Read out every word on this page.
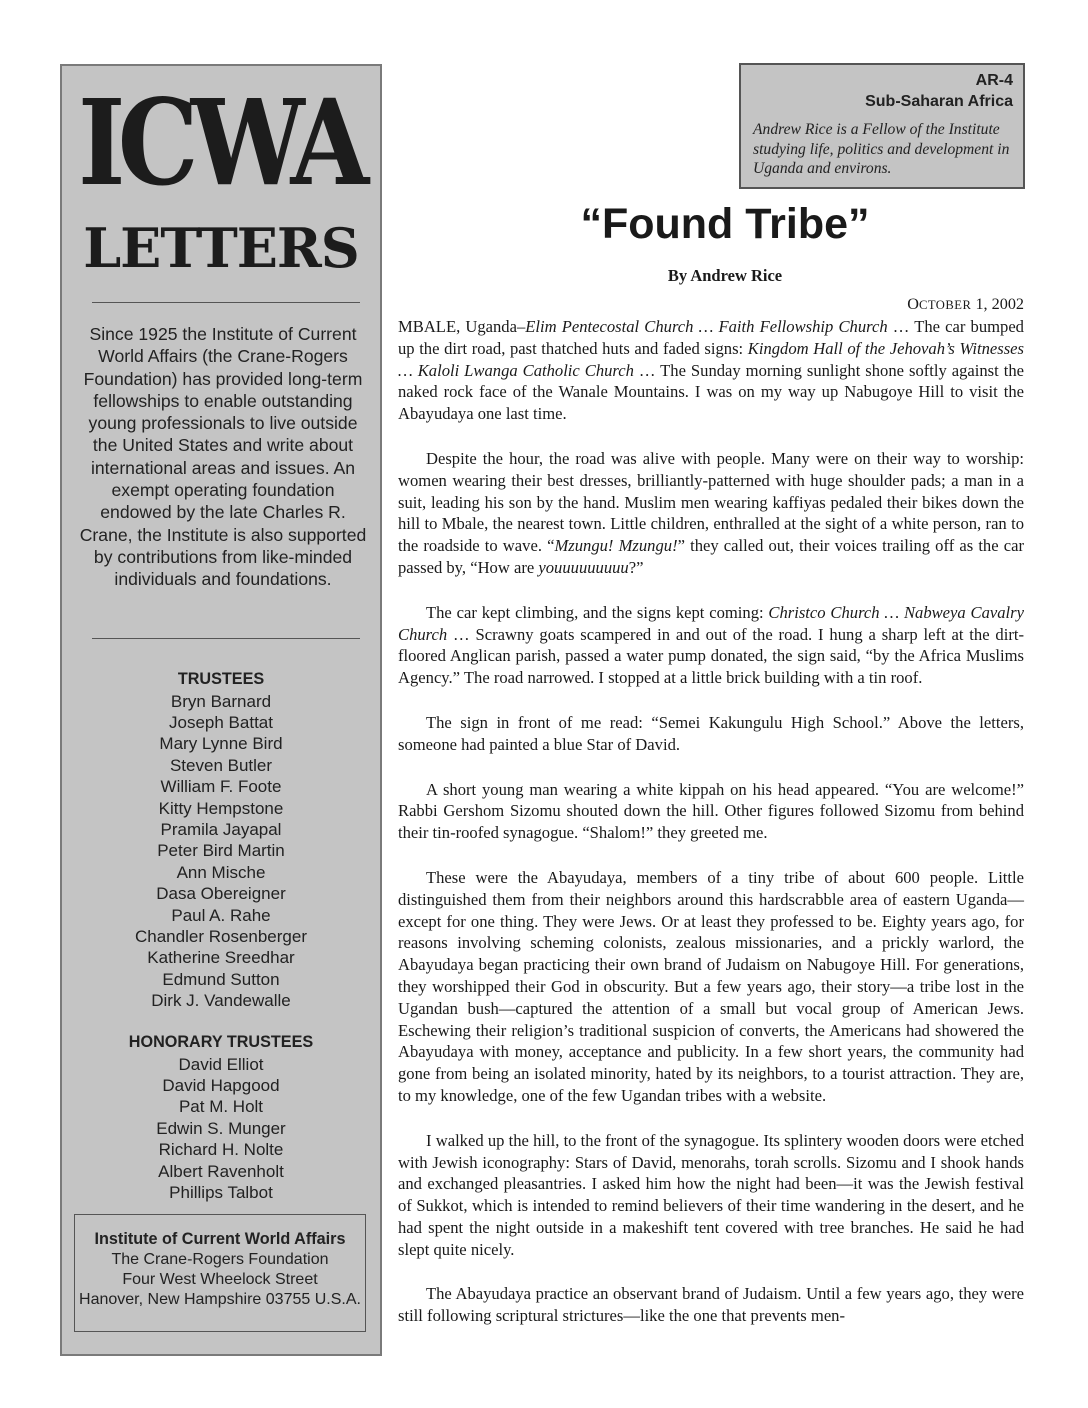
ICWA
LETTERS

Since 1925 the Institute of Current World Affairs (the Crane-Rogers Foundation) has provided long-term fellowships to enable outstanding young professionals to live outside the United States and write about international areas and issues. An exempt operating foundation endowed by the late Charles R. Crane, the Institute is also supported by contributions from like-minded individuals and foundations.

TRUSTEES

Bryn Barnard
Joseph Battat
Mary Lynne Bird
Steven Butler
William F. Foote
Kitty Hempstone
Pramila Jayapal
Peter Bird Martin
Ann Mische
Dasa Obereigner
Paul A. Rahe
Chandler Rosenberger
Katherine Sreedhar
Edmund Sutton
Dirk J. Vandewalle

HONORARY TRUSTEES

David Elliot
David Hapgood
Pat M. Holt
Edwin S. Munger
Richard H. Nolte
Albert Ravenholt
Phillips Talbot
Institute of Current World Affairs
The Crane-Rogers Foundation
Four West Wheelock Street
Hanover, New Hampshire 03755 U.S.A.

AR-4

Sub-Saharan Africa

Andrew Rice is a Fellow of the Institute studying life, politics and development in Uganda and environs.

“Found Tribe”

By Andrew Rice

OCTOBER 1, 2002

MBALE, Uganda–Elim Pentecostal Church … Faith Fellowship Church … The car bumped up the dirt road, past thatched huts and faded signs: Kingdom Hall of the Jehovah’s Witnesses … Kaloli Lwanga Catholic Church … The Sunday morning sunlight shone softly against the naked rock face of the Wanale Mountains. I was on my way up Nabugoye Hill to visit the Abayudaya one last time.

Despite the hour, the road was alive with people. Many were on their way to worship: women wearing their best dresses, brilliantly-patterned with huge shoulder pads; a man in a suit, leading his son by the hand. Muslim men wearing kaffiyas pedaled their bikes down the hill to Mbale, the nearest town. Little children, enthralled at the sight of a white person, ran to the roadside to wave. “Mzungu! Mzungu!” they called out, their voices trailing off as the car passed by, “How are youuuuuuuuu?”

The car kept climbing, and the signs kept coming: Christco Church … Nabweya Cavalry Church … Scrawny goats scampered in and out of the road. I hung a sharp left at the dirt-floored Anglican parish, passed a water pump donated, the sign said, “by the Africa Muslims Agency.” The road narrowed. I stopped at a little brick building with a tin roof.

The sign in front of me read: “Semei Kakungulu High School.” Above the letters, someone had painted a blue Star of David.

A short young man wearing a white kippah on his head appeared. “You are welcome!” Rabbi Gershom Sizomu shouted down the hill. Other figures followed Sizomu from behind their tin-roofed synagogue. “Shalom!” they greeted me.

These were the Abayudaya, members of a tiny tribe of about 600 people. Little distinguished them from their neighbors around this hardscrabble area of eastern Uganda—except for one thing. They were Jews. Or at least they professed to be. Eighty years ago, for reasons involving scheming colonists, zealous missionaries, and a prickly warlord, the Abayudaya began practicing their own brand of Judaism on Nabugoye Hill. For generations, they worshipped their God in obscurity. But a few years ago, their story—a tribe lost in the Ugandan bush—captured the attention of a small but vocal group of American Jews. Eschewing their religion’s traditional suspicion of converts, the Americans had showered the Abayudaya with money, acceptance and publicity. In a few short years, the community had gone from being an isolated minority, hated by its neighbors, to a tourist attraction. They are, to my knowledge, one of the few Ugandan tribes with a website.

I walked up the hill, to the front of the synagogue. Its splintery wooden doors were etched with Jewish iconography: Stars of David, menorahs, torah scrolls. Sizomu and I shook hands and exchanged pleasantries. I asked him how the night had been—it was the Jewish festival of Sukkot, which is intended to remind believers of their time wandering in the desert, and he had spent the night outside in a makeshift tent covered with tree branches. He said he had slept quite nicely.

The Abayudaya practice an observant brand of Judaism. Until a few years ago, they were still following scriptural strictures—like the one that prevents men-
